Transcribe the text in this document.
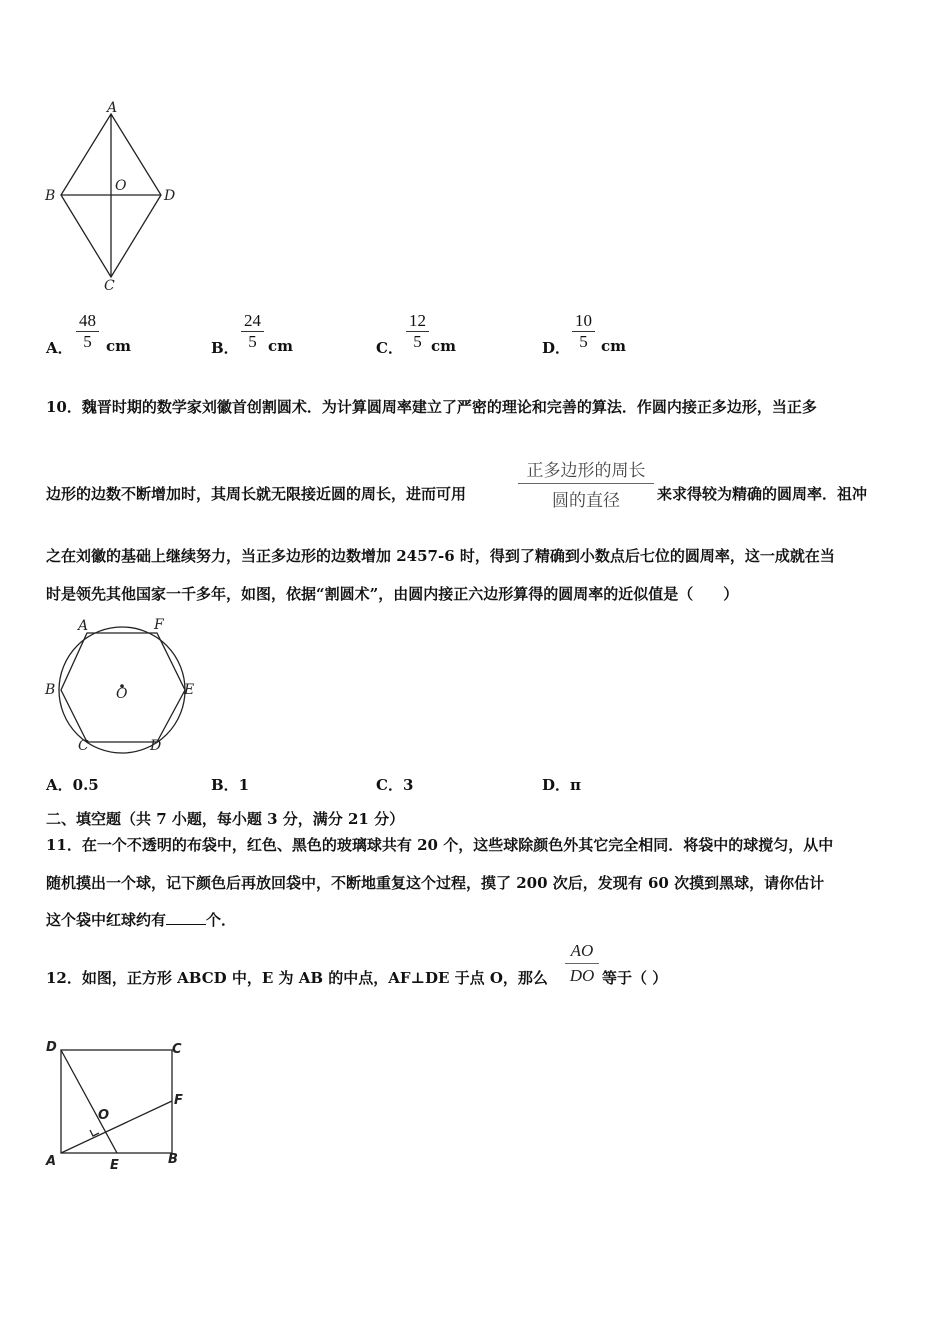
A
B	D
C
O
A．
48
5 cm	B．
24
5 cm	C．
12
5 cm	D．
10
5 cm
10．魏晋时期的数学家刘徽首创割圆术．为计算圆周率建立了严密的理论和完善的算法．作圆内接正多边形，当正多
边形的边数不断增加时，其周长就无限接近圆的周长，进而可用
正多边形的周长
圆的直径	来求得较为精确的圆周率．祖冲
之在刘徽的基础上继续努力，当正多边形的边数增加 2457-6 时，得到了精确到小数点后七位的圆周率，这一成就在当
时是领先其他国家一千多年，如图，依据“割圆术”，由圆内接正六边形算得的圆周率的近似值是（　　）
A	F
B	E
C	D
O
A．0.5	B．1	C．3	D．π
二、填空题（共 7 小题，每小题 3 分，满分 21 分）
11．在一个不透明的布袋中，红色、黑色的玻璃球共有 20 个，这些球除颜色外其它完全相同．将袋中的球搅匀，从中
随机摸出一个球，记下颜色后再放回袋中，不断地重复这个过程，摸了 200 次后，发现有 60 次摸到黑球，请你估计
这个袋中红球约有	个．
12．如图，正方形 ABCD 中，E 为 AB 的中点，AF⊥DE 于点 O，那么
AO
DO 等于（ ）
D	C
F
O
A	E	B
